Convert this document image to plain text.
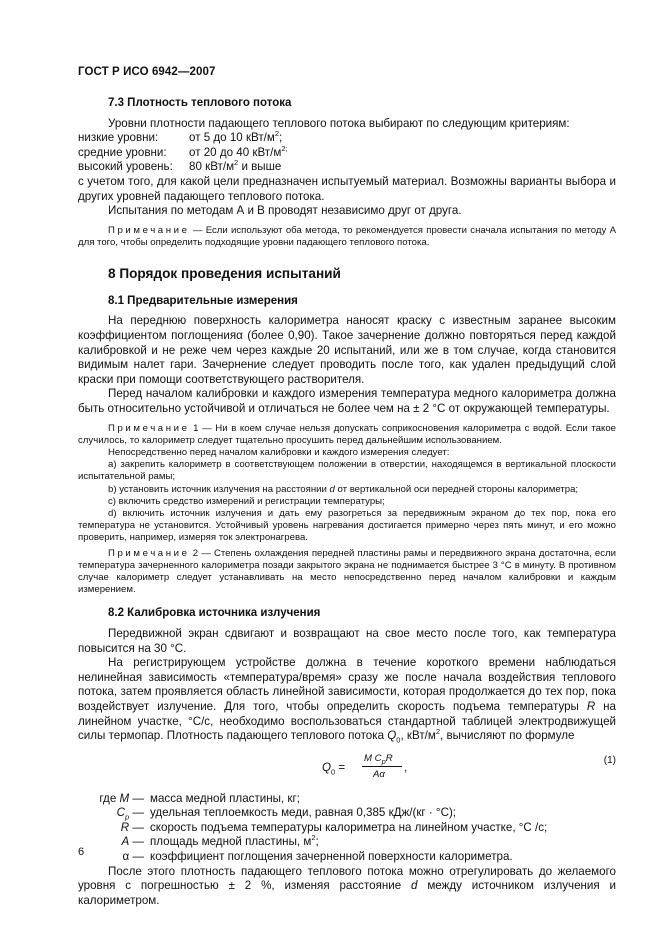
ГОСТ Р ИСО 6942—2007
7.3 Плотность теплового потока

Уровни плотности падающего теплового потока выбирают по следующим критериям:

низкие уровни:	от 5 до 10 кВт/$м^2$;
средние уровни:	от 20 до 40 кВт/$м^{2;}$
высокий уровень:	80 кВт/$м^2$ и выше

с учетом того, для какой цели предназначен испытуемый материал. Возможны варианты выбора и других уровней падающего теплового потока.

Испытания по методам А и В проводят независимо друг от друга.

Примечание — Если используют оба метода, то рекомендуется провести сначала испытания по методу А для того, чтобы определить подходящие уровни падающего теплового потока.

8 Порядок проведения испытаний
8.1 Предварительные измерения

На переднюю поверхность калориметра наносят краску с известным заранее высоким коэффициентом поглощенияα (более 0,90). Такое зачернение должно повторяться перед каждой калибровкой и не реже чем через каждые 20 испытаний, или же в том случае, когда становится видимым налет гари. Зачернение следует проводить после того, как удален предыдущий слой краски при помощи соответствующего растворителя.

Перед началом калибровки и каждого измерения температура медного калориметра должна быть относительно устойчивой и отличаться не более чем на ± 2 °С от окружающей температуры.

Примечание 1 — Ни в коем случае нельзя допускать соприкосновения калориметра с водой. Если такое случилось, то калориметр следует тщательно просушить перед дальнейшим использованием.

Непосредственно перед началом калибровки и каждого измерения следует:

a) закрепить калориметр в соответствующем положении в отверстии, находящемся в вертикальной плоскости испытательной рамы;

b) установить источник излучения на расстоянии d от вертикальной оси передней стороны калориметра;

c) включить средство измерений и регистрации температуры;

d) включить источник излучения и дать ему разогреться за передвижным экраном до тех пор, пока его температура не установится. Устойчивый уровень нагревания достигается примерно через пять минут, и его можно проверить, например, измеряя ток электронагрева.

Примечание 2 — Степень охлаждения передней пластины рамы и передвижного экрана достаточна, если температура зачерненного калориметра позади закрытого экрана не поднимается быстрее 3 °С в минуту. В противном случае калориметр следует устанавливать на место непосредственно перед началом калибровки и каждым измерением.

8.2 Калибровка источника излучения

Передвижной экран сдвигают и возвращают на свое место после того, как температура повысится на 30 °С.

На регистрирующем устройстве должна в течение короткого времени наблюдаться нелинейная зависимость «температура/время» сразу же после начала воздействия теплового потока, затем проявляется область линейной зависимости, которая продолжается до тех пор, пока воздействует излучение. Для того, чтобы определить скорость подъема температуры R на линейном участке, °С/с, необходимо воспользоваться стандартной таблицей электродвижущей силы термопар. Плотность падающего теплового потока $Q_0$, кВт/$м^2$, вычисляют по формуле

$Q_0$ =
M $C_pR$
Aα
,
(1)
где M — масса медной пластины, кг;
$C_p$ — удельная теплоемкость меди, равная 0,385 кДж/(кг · °С);
R — скорость подъема температуры калориметра на линейном участке, °С /с;
A — площадь медной пластины, $м^2$;
α — коэффициент поглощения зачерненной поверхности калориметра.

После этого плотность падающего теплового потока можно отрегулировать до желаемого уровня с погрешностью ± 2 %, изменяя расстояние d между источником излучения и калориметром.

6
